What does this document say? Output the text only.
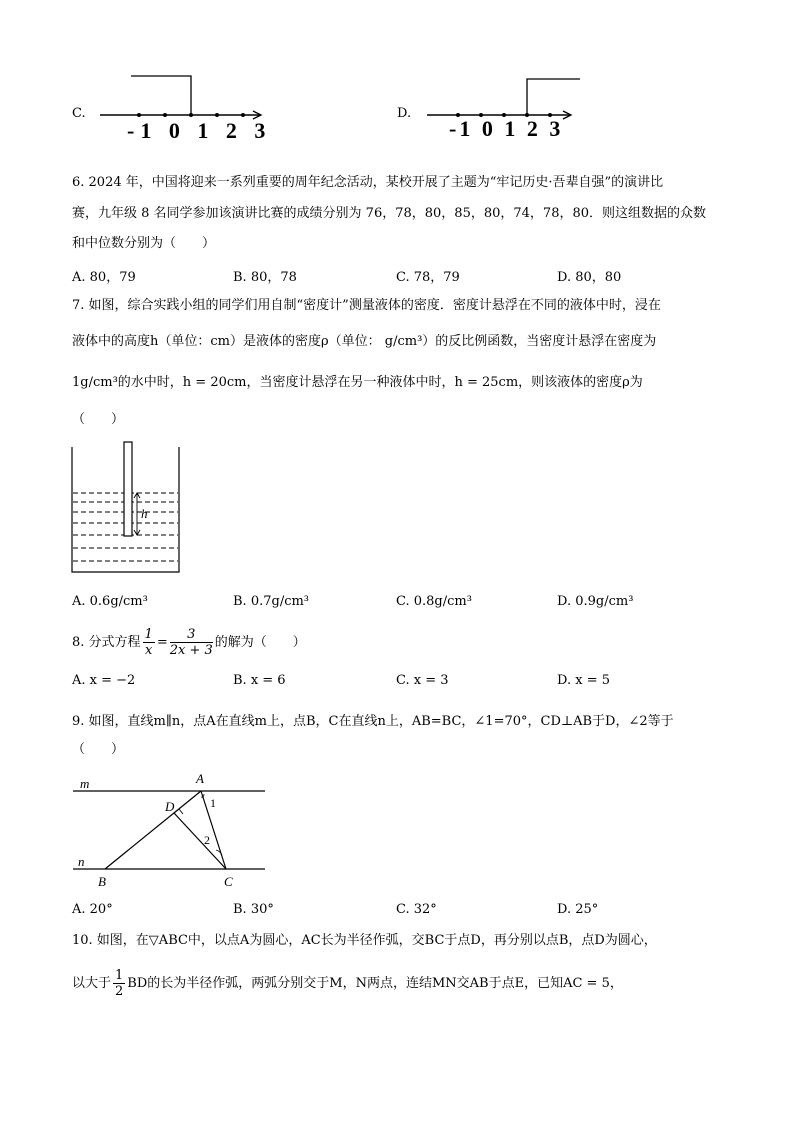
C.
-1 0 1 2 3
D.
-1 0 1 2 3
6. 2024 年，中国将迎来一系列重要的周年纪念活动，某校开展了主题为“牢记历史·吾辈自强”的演讲比
赛，九年级 8 名同学参加该演讲比赛的成绩分别为 76，78，80，85，80，74，78，80．则这组数据的众数
和中位数分别为（　　）
A. 80，79	B. 80，78	C. 78，79	D. 80，80
7. 如图，综合实践小组的同学们用自制“密度计”测量液体的密度．密度计悬浮在不同的液体中时，浸在
液体中的高度h（单位：cm）是液体的密度ρ（单位： g/cm³）的反比例函数，当密度计悬浮在密度为
1g/cm³的水中时，h = 20cm，当密度计悬浮在另一种液体中时，h = 25cm，则该液体的密度ρ为
（　　）
h
A. 0.6g/cm³	B. 0.7g/cm³	C. 0.8g/cm³	D. 0.9g/cm³
8. 分式方程 $\frac{1}{x} = \frac{3}{2x + 3}$ 的解为（　　）
A. x = −2	B. x = 6	C. x = 3	D. x = 5
9. 如图，直线m∥n，点A在直线m上，点B，C在直线n上，AB=BC，∠1=70°，CD⊥AB于D，∠2等于
（　　）
m
n
A
B	C
D	1
2
A. 20°	B. 30°	C. 32°	D. 25°
10. 如图，在▽ABC中，以点A为圆心，AC长为半径作弧，交BC于点D，再分别以点B，点D为圆心，
以大于 $\frac{1}{2}$ BD的长为半径作弧，两弧分别交于M，N两点，连结MN交AB于点E，已知AC = 5，
